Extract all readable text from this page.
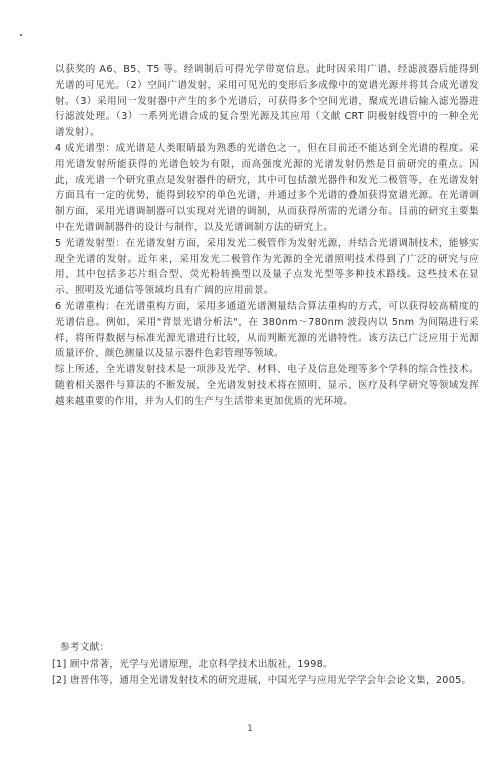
以获奖的 A6、B5、T5 等。经调制后可得光学带宽信息。此时因采用广谱，经滤波器后能得到光谱的可见光。（2）空间广谱发射，采用可见光的变形后多成像中的宽谱光源并将其合成光谱发射。（3）采用同一发射器中产生的多个光谱后，可获得多个空间光谱，聚成光谱后输入滤光器进行滤波处理。（3）一系列光谱合成的复合型光源及其应用（文献 CRT 阴极射线管中的一种全光谱发射）。

4 成光谱型：成光谱是人类眼睛最为熟悉的光谱色之一，但在目前还不能达到全光谱的程度。采用光谱发射所能获得的光谱色较为有限，而高强度光源的光谱发射仍然是目前研究的重点。因此，成光谱一个研究重点是发射器件的研究，其中可包括激光器件和发光二极管等，在光谱发射方面具有一定的优势，能得到较窄的单色光谱，并通过多个光谱的叠加获得宽谱光源。在光谱调制方面，采用光谱调制器可以实现对光谱的调制，从而获得所需的光谱分布。目前的研究主要集中在光谱调制器件的设计与制作，以及光谱调制方法的研究上。

5 光谱发射型：在光谱发射方面，采用发光二极管作为发射光源，并结合光谱调制技术，能够实现全光谱的发射。近年来，采用发光二极管作为光源的全光谱照明技术得到了广泛的研究与应用，其中包括多芯片组合型、荧光粉转换型以及量子点发光型等多种技术路线。这些技术在显示、照明及光通信等领域均具有广阔的应用前景。

6 光谱重构：在光谱重构方面，采用多通道光谱测量结合算法重构的方式，可以获得较高精度的光谱信息。例如，采用"背景光谱分析法"，在 380nm～780nm 波段内以 5nm 为间隔进行采样，将所得数据与标准光源光谱进行比较，从而判断光源的光谱特性。该方法已广泛应用于光源质量评价、颜色测量以及显示器件色彩管理等领域。

综上所述，全光谱发射技术是一项涉及光学、材料、电子及信息处理等多个学科的综合性技术。随着相关器件与算法的不断发展，全光谱发射技术将在照明、显示、医疗及科学研究等领域发挥越来越重要的作用，并为人们的生产与生活带来更加优质的光环境。

参考文献：

[1] 顾中常著，光学与光谱原理，北京科学技术出版社，1998。

[2] 唐晋伟等，通用全光谱发射技术的研究进展，中国光学与应用光学学会年会论文集，2005。

1
